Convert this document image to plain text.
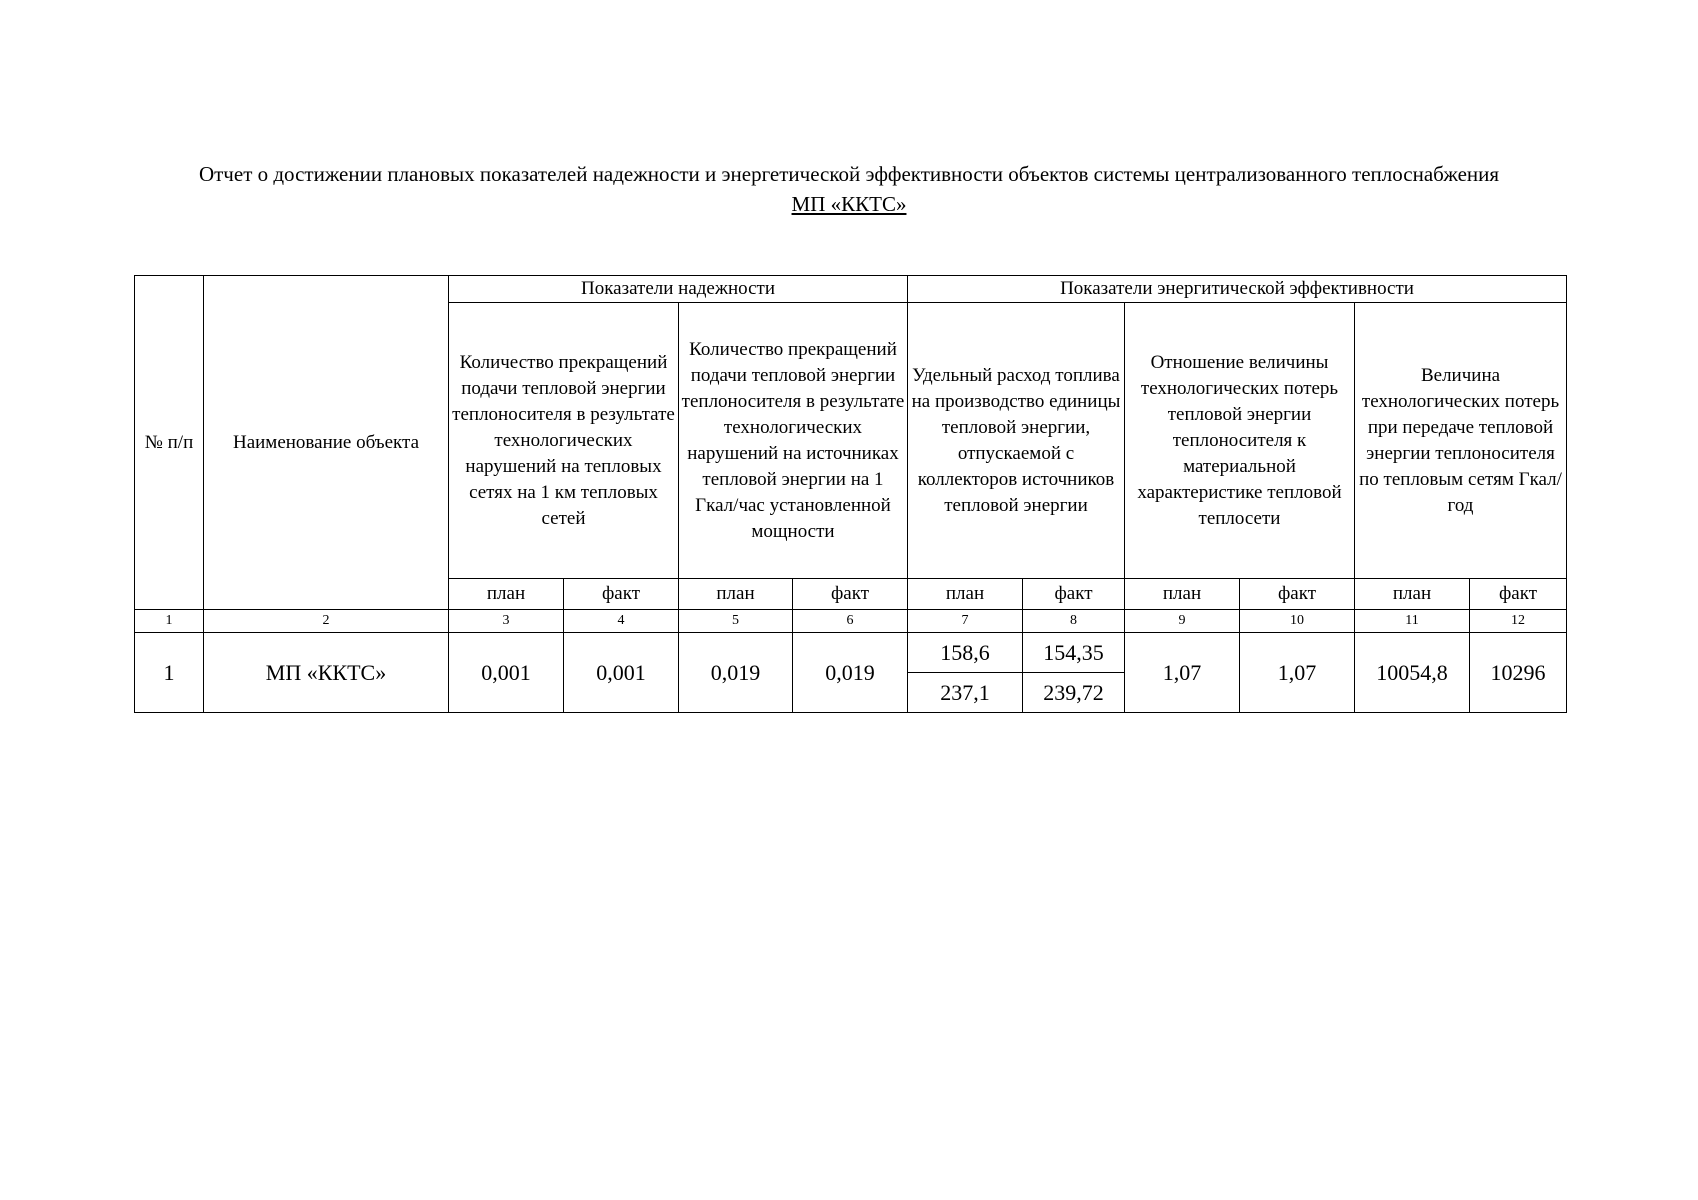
Отчет о достижении плановых показателей надежности и энергетической эффективности объектов системы централизованного теплоснабжения
МП «ККТС»
№ п/п	Наименование объекта	Показатели надежности				Показатели энергитической эффективности					
		Количество прекращений подачи тепловой энергии теплоносителя в результате технологических нарушений на тепловых сетях на 1 км тепловых сетей		Количество прекращений подачи тепловой энергии теплоносителя в результате технологических нарушений на источниках тепловой энергии на 1 Гкал/час установленной мощности		Удельный расход топлива на производство единицы тепловой энергии, отпускаемой с коллекторов источников тепловой энергии		Отношение величины технологических потерь тепловой энергии теплоносителя к материальной характеристике тепловой теплосети		Величина технологических потерь при передаче тепловой энергии теплоносителя по тепловым сетям Гкал/год	
		план	факт	план	факт	план	факт	план	факт	план	факт
1	2	3	4	5	6	7	8	9	10	11	12
1	МП «ККТС»	0,001	0,001	0,019	0,019	158,6	154,35	1,07	1,07	10054,8	10296
						237,1	239,72				
